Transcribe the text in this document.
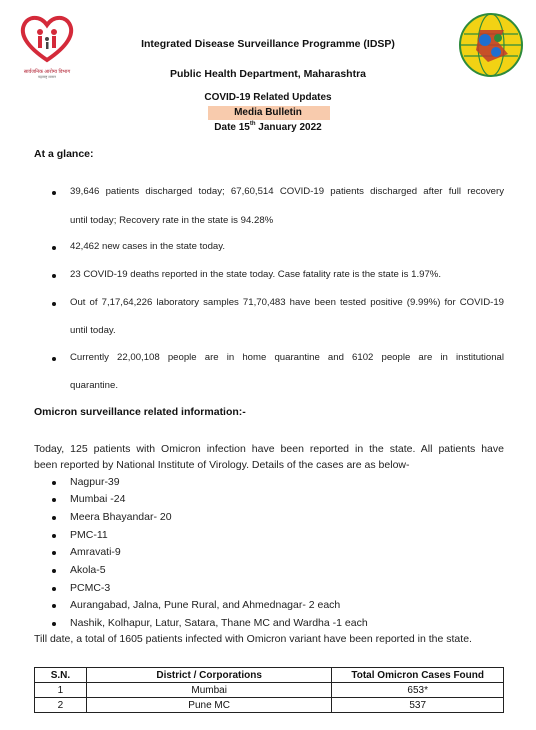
सार्वजनिक आरोग्य विभाग
महाराष्ट्र शासन
Integrated Disease Surveillance Programme (IDSP)
Public Health Department, Maharashtra
COVID-19 Related Updates
Media Bulletin
Date 15th January 2022
At a glance:
39,646 patients discharged today; 67,60,514 COVID-19 patients discharged after full recovery
until today; Recovery rate in the state is 94.28%
42,462 new cases in the state today.
23 COVID-19 deaths reported in the state today. Case fatality rate is the state is 1.97%.
Out of 7,17,64,226 laboratory samples 71,70,483 have been tested positive (9.99%) for COVID-19
until today.
Currently 22,00,108 people are in home quarantine and 6102 people are in institutional
quarantine.
Omicron surveillance related information:-
Today, 125 patients with Omicron infection have been reported in the state. All patients have
been reported by National Institute of Virology. Details of the cases are as below-
Nagpur-39
Mumbai -24
Meera Bhayandar- 20
PMC-11
Amravati-9
Akola-5
PCMC-3
Aurangabad, Jalna, Pune Rural, and Ahmednagar- 2 each
Nashik, Kolhapur, Latur, Satara, Thane MC and Wardha -1 each
Till date, a total of 1605 patients infected with Omicron variant have been reported in the state.
S.N.	District / Corporations	Total Omicron Cases Found
1	Mumbai	653*
2	Pune MC	537
